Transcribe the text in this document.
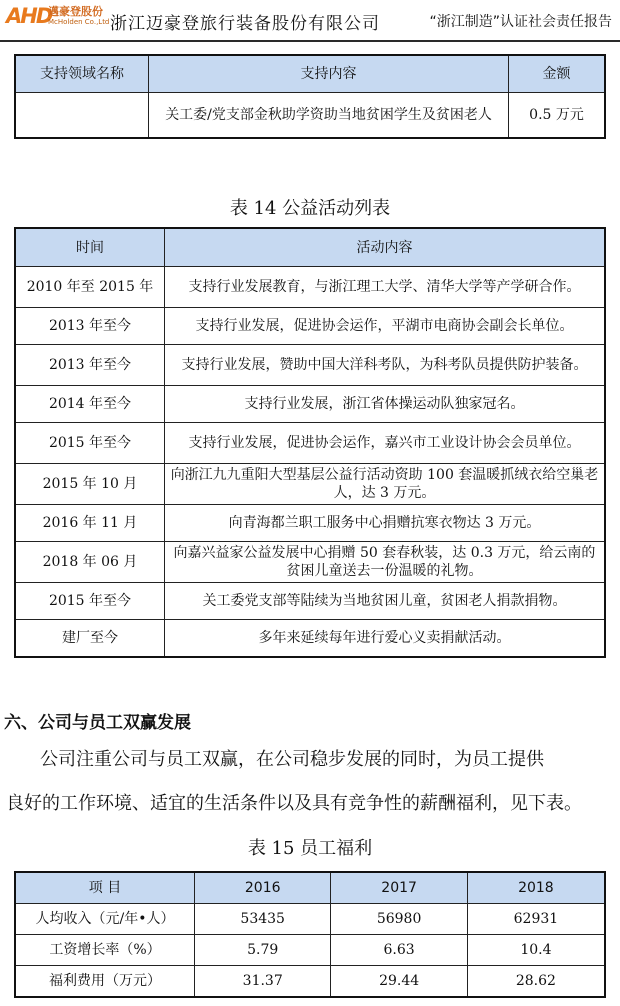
AHD
邁豪登股份
McHolden Co.,Ltd 浙江迈豪登旅行装备股份有限公司	“浙江制造”认证社会责任报告
支持领域名称	支持内容	金额
	关工委/党支部金秋助学资助当地贫困学生及贫困老人	0.5 万元
表 14 公益活动列表
时间	活动内容
2010 年至 2015 年	支持行业发展教育，与浙江理工大学、清华大学等产学研合作。
2013 年至今	支持行业发展，促进协会运作，平湖市电商协会副会长单位。
2013 年至今	支持行业发展，赞助中国大洋科考队，为科考队员提供防护装备。
2014 年至今	支持行业发展，浙江省体操运动队独家冠名。
2015 年至今	支持行业发展，促进协会运作，嘉兴市工业设计协会会员单位。
2015 年 10 月	向浙江九九重阳大型基层公益行活动资助 100 套温暖抓绒衣给空巢老人，达 3 万元。
2016 年 11 月	向青海都兰职工服务中心捐赠抗寒衣物达 3 万元。
2018 年 06 月	向嘉兴益家公益发展中心捐赠 50 套春秋装，达 0.3 万元，给云南的贫困儿童送去一份温暖的礼物。
2015 年至今	关工委党支部等陆续为当地贫困儿童，贫困老人捐款捐物。
建厂至今	多年来延续每年进行爱心义卖捐献活动。
六、公司与员工双赢发展
公司注重公司与员工双赢，在公司稳步发展的同时，为员工提供
良好的工作环境、适宜的生活条件以及具有竞争性的薪酬福利，见下表。
表 15 员工福利
项 目	2016	2017	2018
人均收入（元/年•人）	53435	56980	62931
工资增长率（%）	5.79	6.63	10.4
福利费用（万元）	31.37	29.44	28.62
